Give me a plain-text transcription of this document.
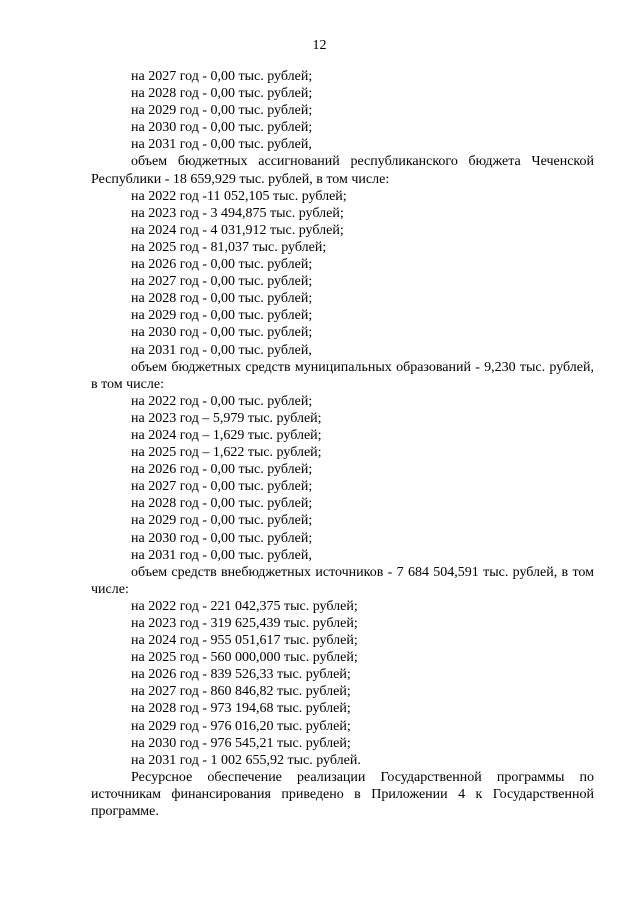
12
на 2027 год - 0,00 тыс. рублей;
на 2028 год - 0,00 тыс. рублей;
на 2029 год - 0,00 тыс. рублей;
на 2030 год - 0,00 тыс. рублей;
на 2031 год - 0,00 тыс. рублей,

объем бюджетных ассигнований республиканского бюджета Чеченской Республики - 18 659,929 тыс. рублей, в том числе:

на 2022 год -11 052,105 тыс. рублей;
на 2023 год - 3 494,875 тыс. рублей;
на 2024 год - 4 031,912 тыс. рублей;
на 2025 год - 81,037 тыс. рублей;
на 2026 год - 0,00 тыс. рублей;
на 2027 год - 0,00 тыс. рублей;
на 2028 год - 0,00 тыс. рублей;
на 2029 год - 0,00 тыс. рублей;
на 2030 год - 0,00 тыс. рублей;
на 2031 год - 0,00 тыс. рублей,

объем бюджетных средств муниципальных образований - 9,230 тыс. рублей, в том числе:

на 2022 год - 0,00 тыс. рублей;
на 2023 год – 5,979 тыс. рублей;
на 2024 год – 1,629 тыс. рублей;
на 2025 год – 1,622 тыс. рублей;
на 2026 год - 0,00 тыс. рублей;
на 2027 год - 0,00 тыс. рублей;
на 2028 год - 0,00 тыс. рублей;
на 2029 год - 0,00 тыс. рублей;
на 2030 год - 0,00 тыс. рублей;
на 2031 год - 0,00 тыс. рублей,

объем средств внебюджетных источников - 7 684 504,591 тыс. рублей, в том числе:

на 2022 год - 221 042,375 тыс. рублей;
на 2023 год - 319 625,439 тыс. рублей;
на 2024 год - 955 051,617 тыс. рублей;
на 2025 год - 560 000,000 тыс. рублей;
на 2026 год - 839 526,33 тыс. рублей;
на 2027 год - 860 846,82 тыс. рублей;
на 2028 год - 973 194,68 тыс. рублей;
на 2029 год - 976 016,20 тыс. рублей;
на 2030 год - 976 545,21 тыс. рублей;
на 2031 год - 1 002 655,92 тыс. рублей.

Ресурсное обеспечение реализации Государственной программы по источникам финансирования приведено в Приложении 4 к Государственной программе.
